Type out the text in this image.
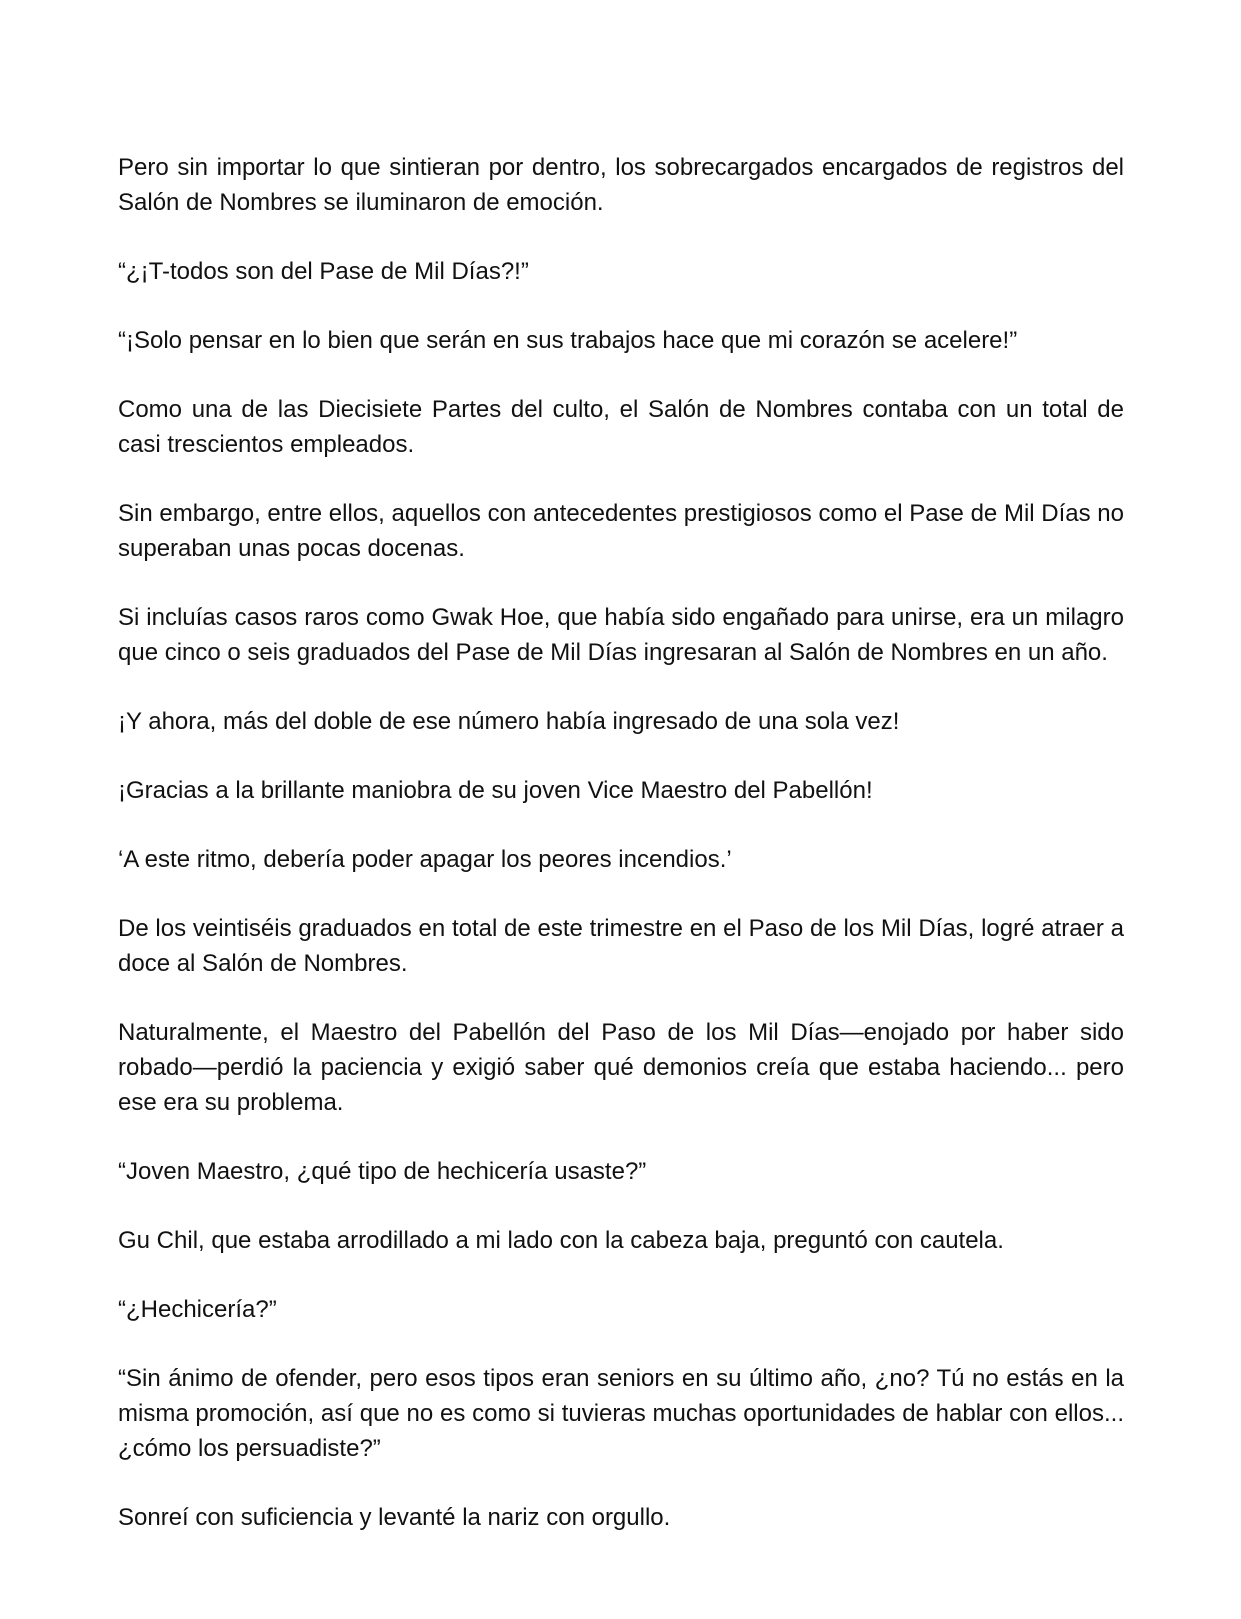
Pero sin importar lo que sintieran por dentro, los sobrecargados encargados de registros del Salón de Nombres se iluminaron de emoción.

“¿¡T-todos son del Pase de Mil Días?!”

“¡Solo pensar en lo bien que serán en sus trabajos hace que mi corazón se acelere!”

Como una de las Diecisiete Partes del culto, el Salón de Nombres contaba con un total de casi trescientos empleados.

Sin embargo, entre ellos, aquellos con antecedentes prestigiosos como el Pase de Mil Días no superaban unas pocas docenas.

Si incluías casos raros como Gwak Hoe, que había sido engañado para unirse, era un milagro que cinco o seis graduados del Pase de Mil Días ingresaran al Salón de Nombres en un año.

¡Y ahora, más del doble de ese número había ingresado de una sola vez!

¡Gracias a la brillante maniobra de su joven Vice Maestro del Pabellón!

‘A este ritmo, debería poder apagar los peores incendios.’

De los veintiséis graduados en total de este trimestre en el Paso de los Mil Días, logré atraer a doce al Salón de Nombres.

Naturalmente, el Maestro del Pabellón del Paso de los Mil Días—enojado por haber sido robado—perdió la paciencia y exigió saber qué demonios creía que estaba haciendo... pero ese era su problema.

“Joven Maestro, ¿qué tipo de hechicería usaste?”

Gu Chil, que estaba arrodillado a mi lado con la cabeza baja, preguntó con cautela.

“¿Hechicería?”

“Sin ánimo de ofender, pero esos tipos eran seniors en su último año, ¿no? Tú no estás en la misma promoción, así que no es como si tuvieras muchas oportunidades de hablar con ellos... ¿cómo los persuadiste?”

Sonreí con suficiencia y levanté la nariz con orgullo.
